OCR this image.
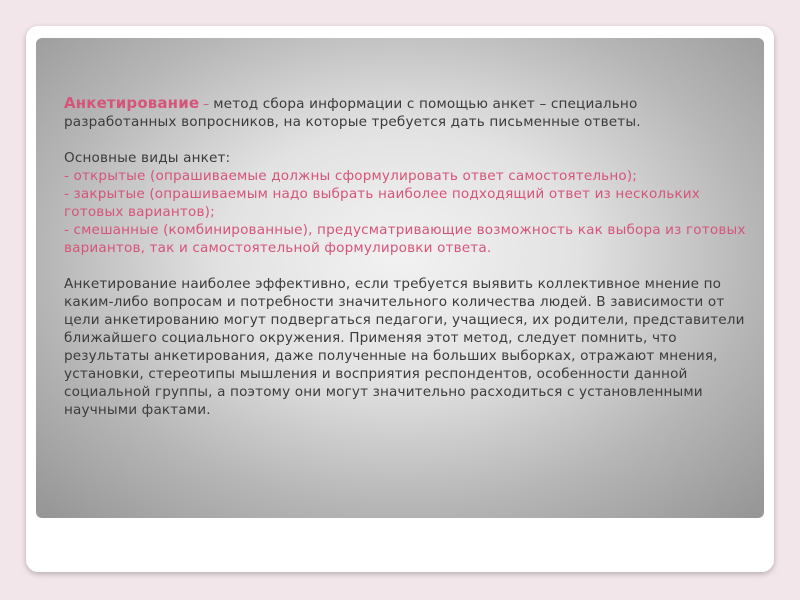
Анкетирование – метод сбора информации с помощью анкет – специально разработанных вопросников, на которые требуется дать письменные ответы.

Основные виды анкет:

- открытые (опрашиваемые должны сформулировать ответ самостоятельно);

- закрытые (опрашиваемым надо выбрать наиболее подходящий ответ из нескольких готовых вариантов);

- смешанные (комбинированные), предусматривающие возможность как выбора из готовых вариантов, так и самостоятельной формулировки ответа.

Анкетирование наиболее эффективно, если требуется выявить коллективное мнение по каким-либо вопросам и потребности значительного количества людей. В зависимости от цели анкетированию могут подвергаться педагоги, учащиеся, их родители, представители ближайшего социального окружения. Применяя этот метод, следует помнить, что результаты анкетирования, даже полученные на больших выборках, отражают мнения, установки, стереотипы мышления и восприятия респондентов, особенности данной социальной группы, а поэтому они могут значительно расходиться с установленными научными фактами.
